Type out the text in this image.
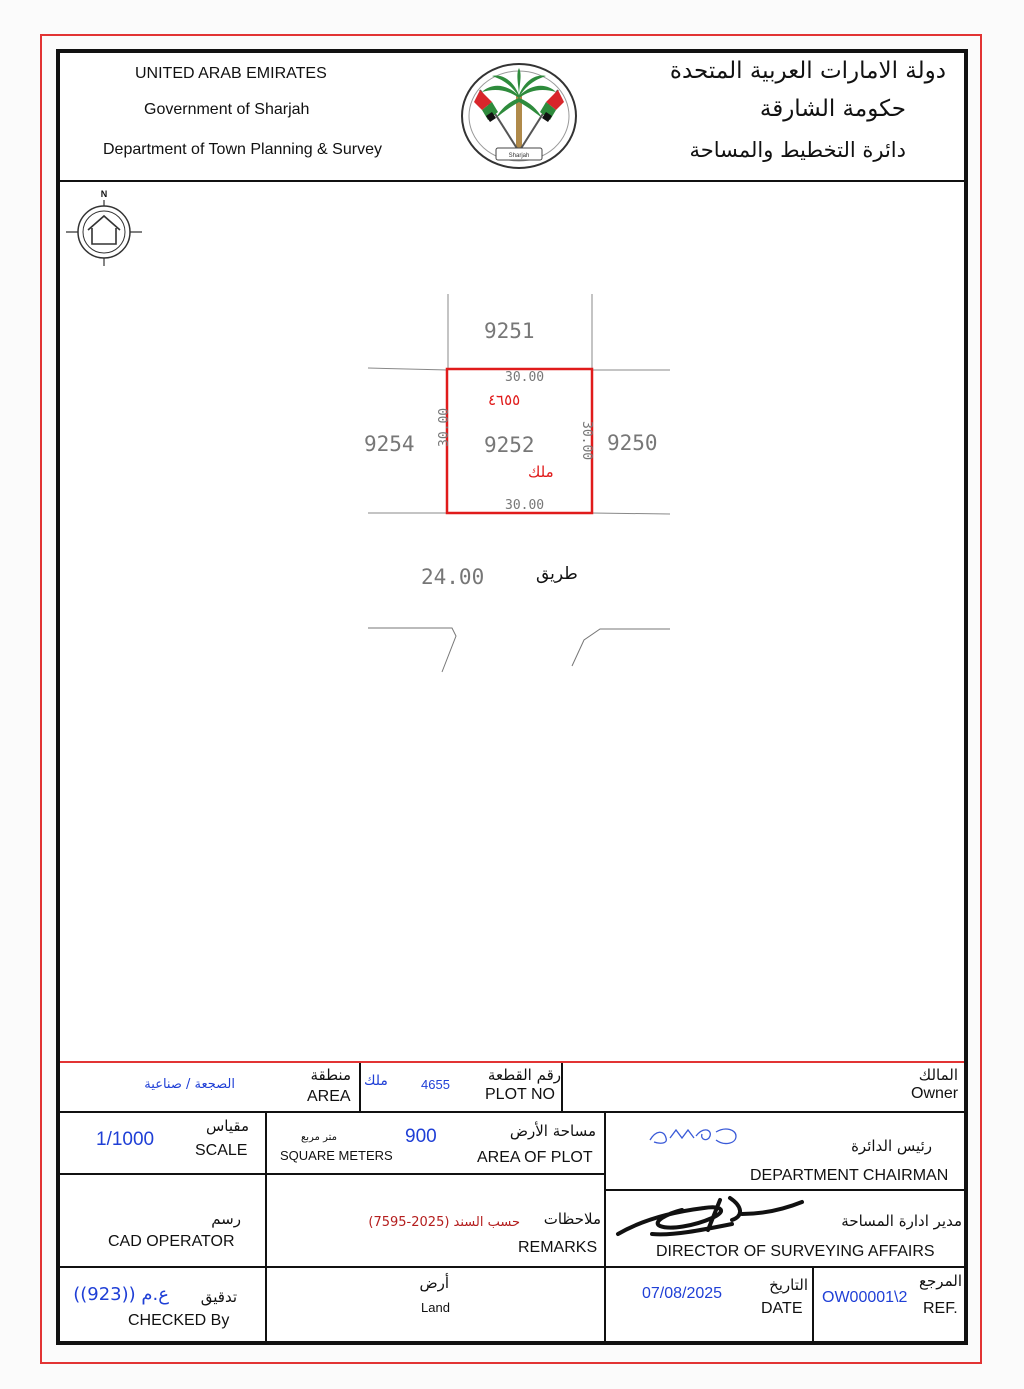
UNITED ARAB EMIRATES
Government of Sharjah
Department of Town Planning & Survey
دولة الامارات العربية المتحدة
حكومة الشارقة
دائرة التخطيط والمساحة
Sharjah
N
9251
9254	9252	9250
30.00
30.00
30.00	30.00
٤٦٥٥
ملك
24.00	طريق
الصجعة / صناعية
منطقة
AREA
ملك	4655
رقم القطعة
PLOT NO
المالك
Owner
1/1000
مقياس
SCALE
900
متر مربع
SQUARE METERS
مساحة الأرض
AREA OF PLOT
رئيس الدائرة
DEPARTMENT CHAIRMAN
رسم
CAD OPERATOR
حسب السند (2025-7595) ملاحظات
REMARKS
مدير ادارة المساحة
DIRECTOR OF SURVEYING AFFAIRS
ع.م ((923)) تدقيق
CHECKED By
أرض
Land
07/08/2025	التاريخ
DATE
OW00001\2
المرجع
REF.
